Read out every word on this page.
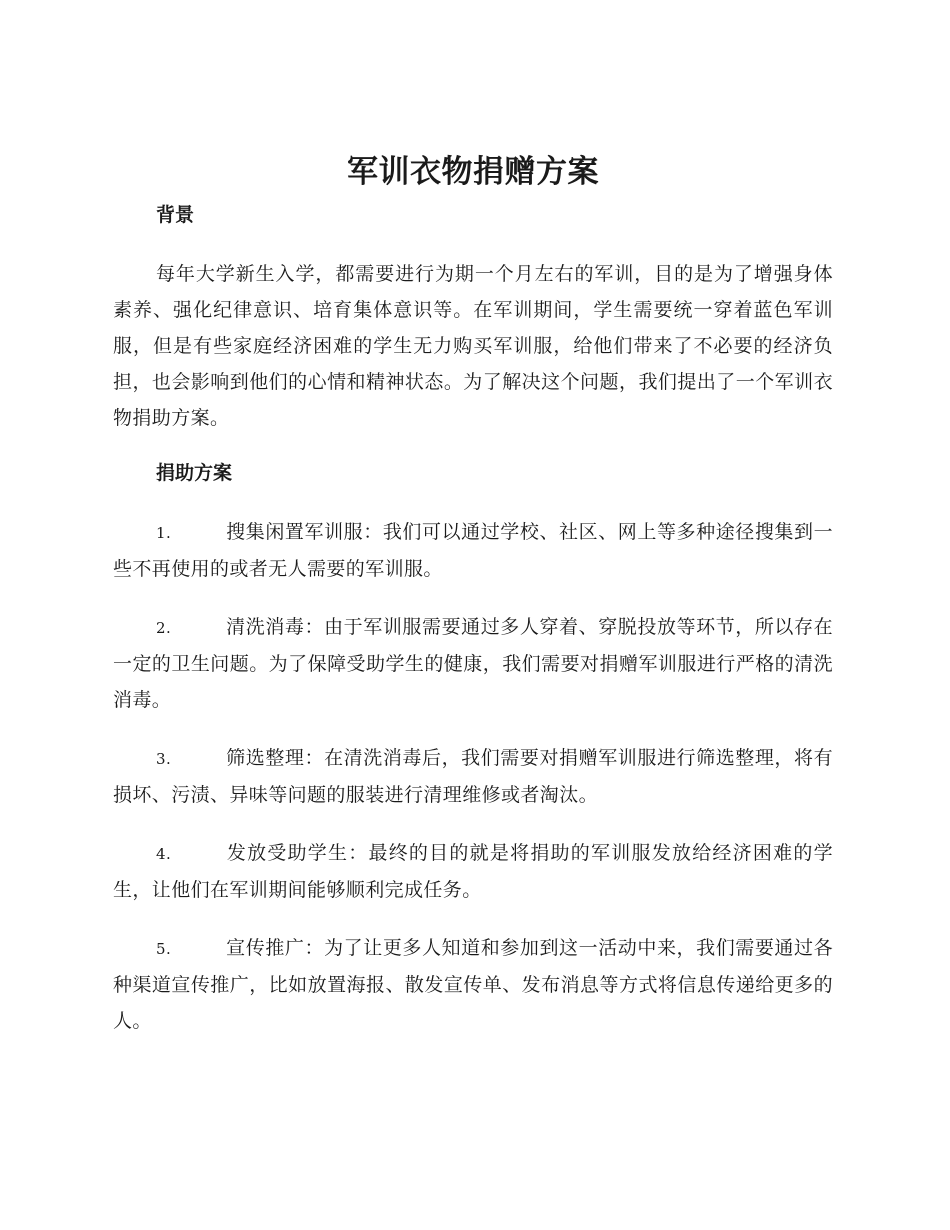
军训衣物捐赠方案
背景

每年大学新生入学，都需要进行为期一个月左右的军训，目的是为了增强身体素养、强化纪律意识、培育集体意识等。在军训期间，学生需要统一穿着蓝色军训服，但是有些家庭经济困难的学生无力购买军训服，给他们带来了不必要的经济负担，也会影响到他们的心情和精神状态。为了解决这个问题，我们提出了一个军训衣物捐助方案。

捐助方案

1.	搜集闲置军训服：我们可以通过学校、社区、网上等多种途径搜集到一些不再使用的或者无人需要的军训服。

2.	清洗消毒：由于军训服需要通过多人穿着、穿脱投放等环节，所以存在一定的卫生问题。为了保障受助学生的健康，我们需要对捐赠军训服进行严格的清洗消毒。

3.	筛选整理：在清洗消毒后，我们需要对捐赠军训服进行筛选整理，将有损坏、污渍、异味等问题的服装进行清理维修或者淘汰。

4.	发放受助学生：最终的目的就是将捐助的军训服发放给经济困难的学生，让他们在军训期间能够顺利完成任务。

5.	宣传推广：为了让更多人知道和参加到这一活动中来，我们需要通过各种渠道宣传推广，比如放置海报、散发宣传单、发布消息等方式将信息传递给更多的人。
